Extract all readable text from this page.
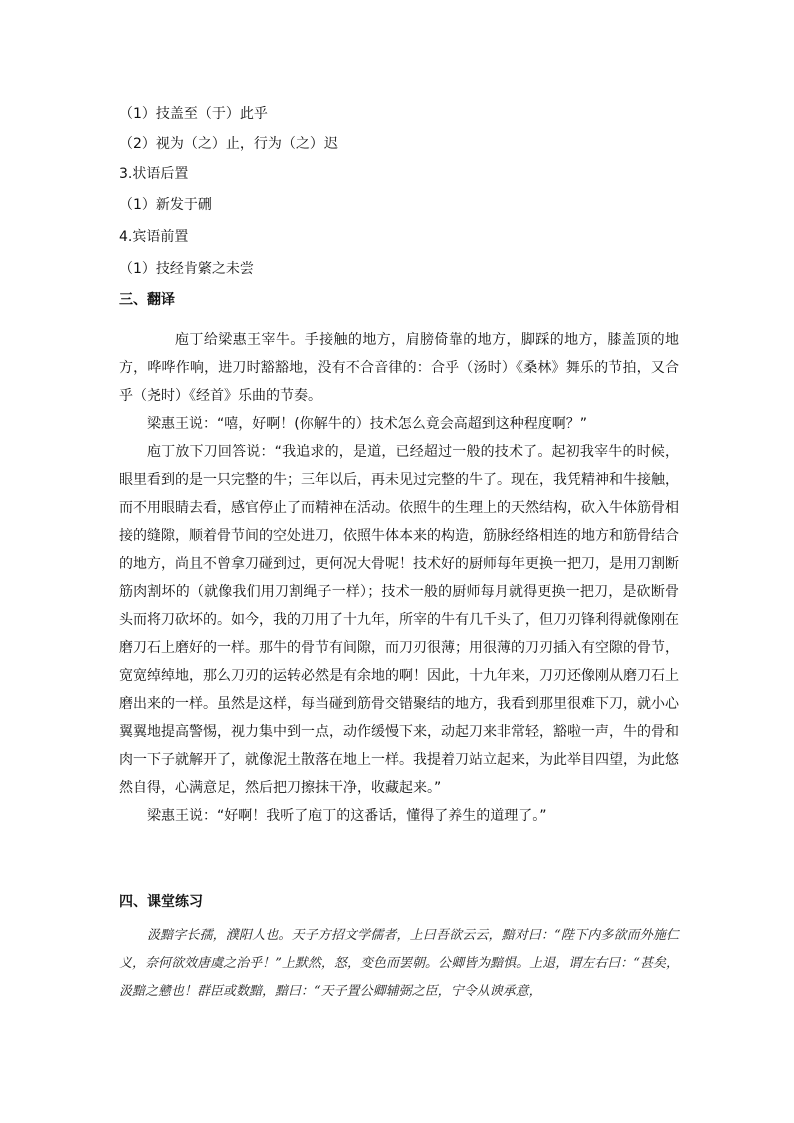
（1）技盖至（于）此乎
（2）视为（之）止，行为（之）迟
3.状语后置
（1）新发于硎
4.宾语前置
（1）技经肯綮之未尝
三、翻译

庖丁给梁惠王宰牛。手接触的地方，肩膀倚靠的地方，脚踩的地方，膝盖顶的地方，哗哗作响，进刀时豁豁地，没有不合音律的：合乎（汤时）《桑林》舞乐的节拍，又合乎（尧时）《经首》乐曲的节奏。

梁惠王说：“嘻，好啊！(你解牛的）技术怎么竟会高超到这种程度啊？”

庖丁放下刀回答说：“我追求的，是道，已经超过一般的技术了。起初我宰牛的时候，眼里看到的是一只完整的牛；三年以后，再未见过完整的牛了。现在，我凭精神和牛接触，而不用眼睛去看，感官停止了而精神在活动。依照牛的生理上的天然结构，砍入牛体筋骨相接的缝隙，顺着骨节间的空处进刀，依照牛体本来的构造，筋脉经络相连的地方和筋骨结合的地方，尚且不曾拿刀碰到过，更何况大骨呢！技术好的厨师每年更换一把刀，是用刀割断筋肉割坏的（就像我们用刀割绳子一样）；技术一般的厨师每月就得更换一把刀，是砍断骨头而将刀砍坏的。如今，我的刀用了十九年，所宰的牛有几千头了，但刀刃锋利得就像刚在磨刀石上磨好的一样。那牛的骨节有间隙，而刀刃很薄；用很薄的刀刃插入有空隙的骨节，宽宽绰绰地，那么刀刃的运转必然是有余地的啊！因此，十九年来，刀刃还像刚从磨刀石上磨出来的一样。虽然是这样，每当碰到筋骨交错聚结的地方，我看到那里很难下刀，就小心翼翼地提高警惕，视力集中到一点，动作缓慢下来，动起刀来非常轻，豁啦一声，牛的骨和肉一下子就解开了，就像泥土散落在地上一样。我提着刀站立起来，为此举目四望，为此悠然自得，心满意足，然后把刀擦抹干净，收藏起来。”

梁惠王说：“好啊！我听了庖丁的这番话，懂得了养生的道理了。”

四、课堂练习
汲黯字长孺，濮阳人也。天子方招文学儒者，上曰吾欲云云，黯对曰：“陛下内多欲而外施仁义，奈何欲效唐虞之治乎！”上默然，怒，变色而罢朝。公卿皆为黯惧。上退，谓左右曰：“甚矣，汲黯之戆也！群臣或数黯，黯曰：“天子置公卿辅弼之臣，宁令从谀承意，
